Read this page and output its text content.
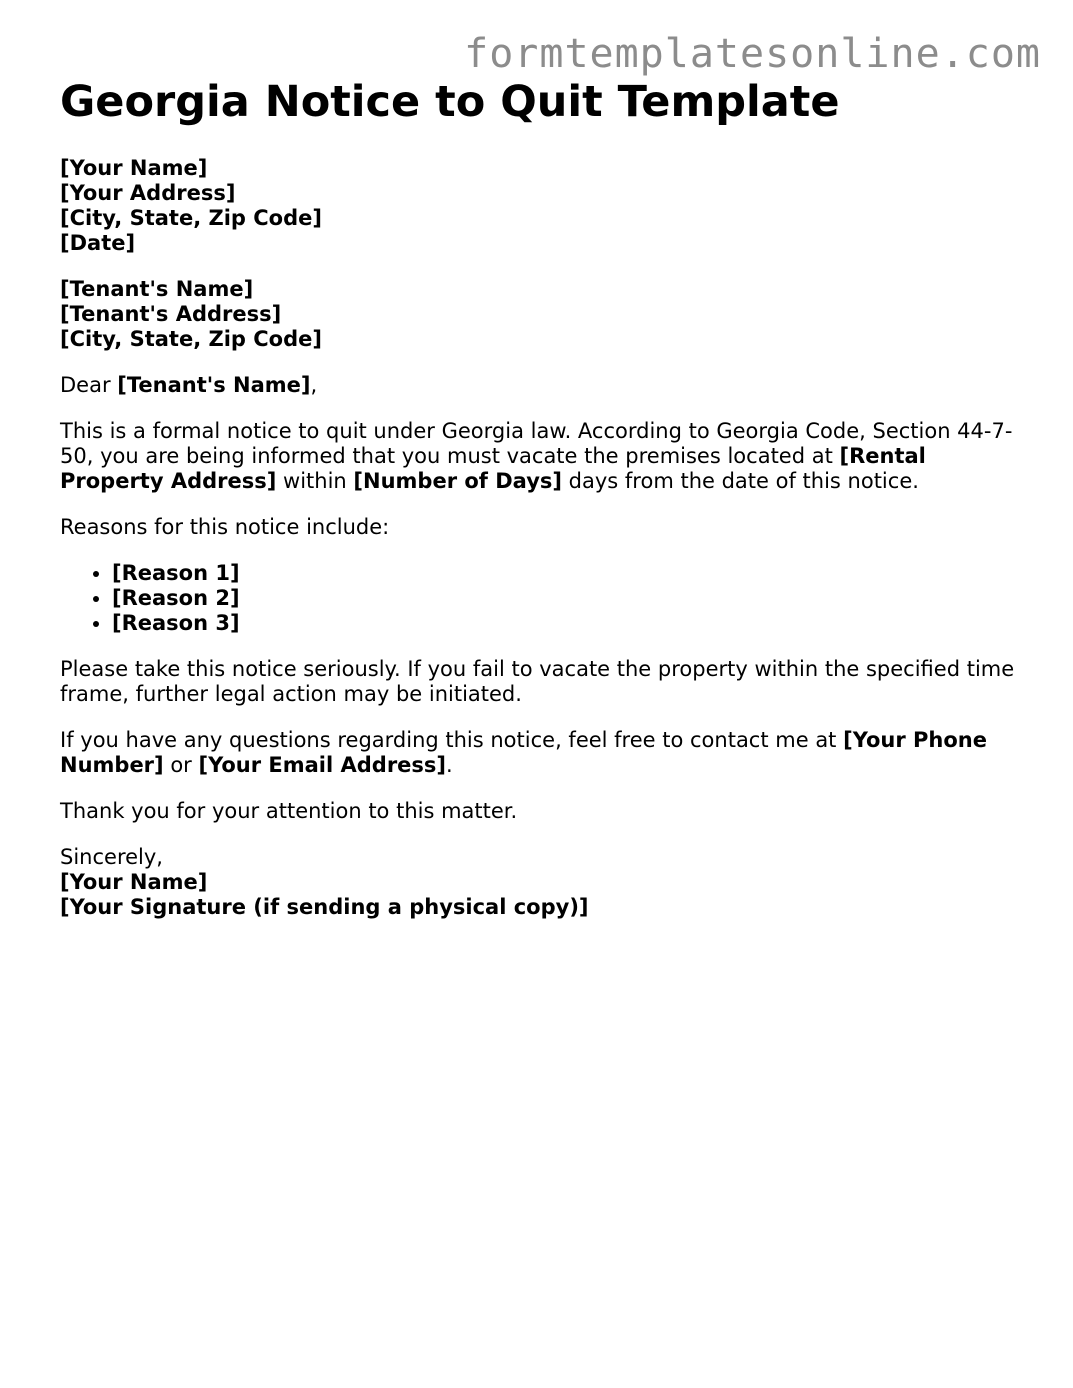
formtemplatesonline.com
Georgia Notice to Quit Template
[Your Name]
[Your Address]
[City, State, Zip Code]
[Date]
[Tenant's Name]
[Tenant's Address]
[City, State, Zip Code]

Dear [Tenant's Name],

This is a formal notice to quit under Georgia law. According to Georgia Code, Section 44-7-50, you are being informed that you must vacate the premises located at [Rental Property Address] within [Number of Days] days from the date of this notice.

Reasons for this notice include:

• [Reason 1]
• [Reason 2]
• [Reason 3]

Please take this notice seriously. If you fail to vacate the property within the specified time frame, further legal action may be initiated.

If you have any questions regarding this notice, feel free to contact me at [Your Phone Number] or [Your Email Address].

Thank you for your attention to this matter.

Sincerely,
[Your Name]
[Your Signature (if sending a physical copy)]
